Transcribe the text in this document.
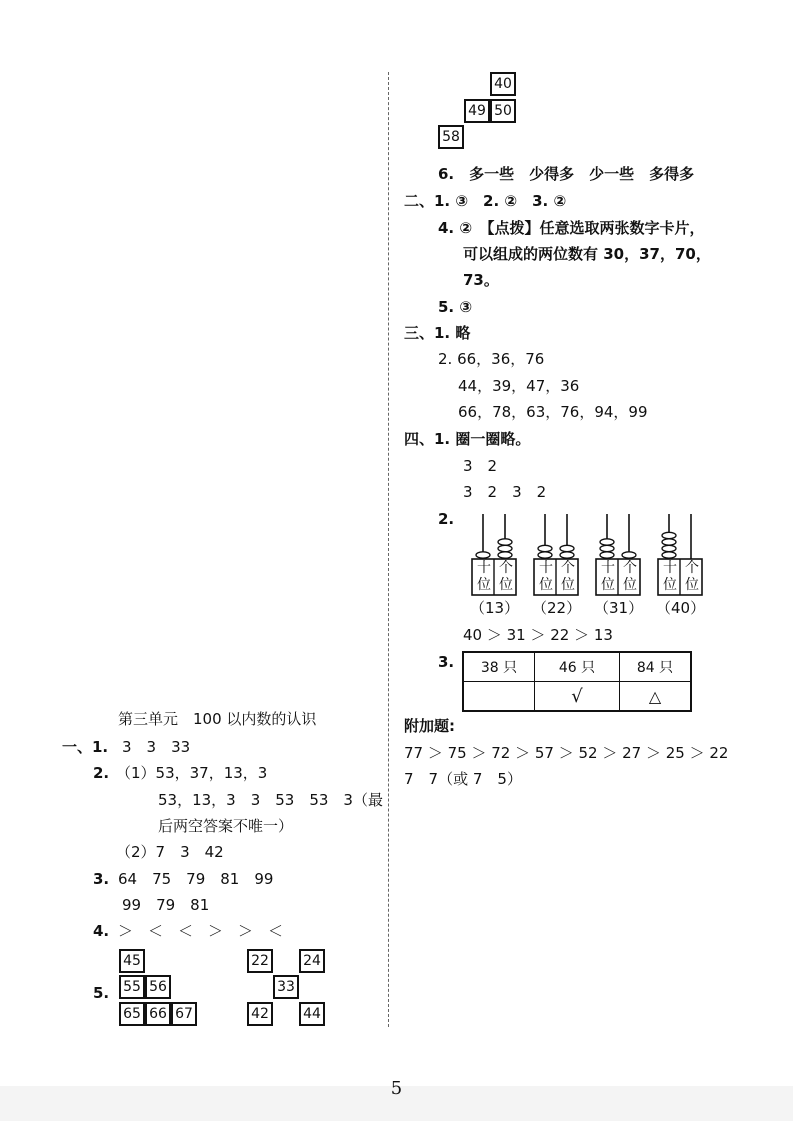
第三单元　100 以内数的认识
一、1. 3　3　33
2. （1）53，37，13，3
53，13，3　3　53　53　3（最
后两空答案不唯一）
（2）7　3　42
3. 64　75　79　81　99
99　79　81
4. ＞　＜　＜　＞　＞　＜
5.
45
55 56
65 66 67
22 24
33
42 44
40
49 50
58
6.　多一些　少得多　少一些　多得多
二、1. ③　2. ②　3. ②
4. ②　【点拨】任意选取两张数字卡片，
可以组成的两位数有 30，37，70，
73。
5. ③
三、1. 略
2. 66，36，76
44，39，47，36
66，78，63，76，94，99
四、1. 圈一圈略。
3　2
3　2　3　2
2.
十位
个位
十位
个位
十位
个位
十位
个位
（13） （22） （31） （40）
40 ＞ 31 ＞ 22 ＞ 13
3. 38 只	46 只	84 只
	√	△
附加题:
77 ＞ 75 ＞ 72 ＞ 57 ＞ 52 ＞ 27 ＞ 25 ＞ 22
7　7（或 7　5）
5
